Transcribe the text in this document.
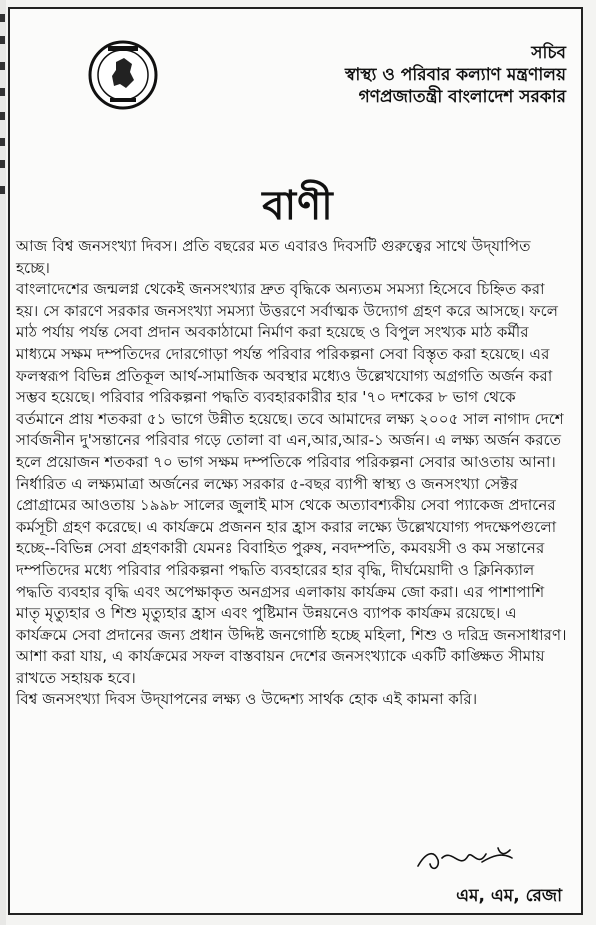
সচিব
স্বাস্থ্য ও পরিবার কল্যাণ মন্ত্রণালয়
গণপ্রজাতন্ত্রী বাংলাদেশ সরকার
বাণী

আজ বিশ্ব জনসংখ্যা দিবস। প্রতি বছরের মত এবারও দিবসটি গুরুত্বের সাথে উদ্‌যাপিত হচ্ছে।

বাংলাদেশের জন্মলগ্ন থেকেই জনসংখ্যার দ্রুত বৃদ্ধিকে অন্যতম সমস্যা হিসেবে চিহ্নিত করা হয়। সে কারণে সরকার জনসংখ্যা সমস্যা উত্তরণে সর্বাত্মক উদ্যোগ গ্রহণ করে আসছে। ফলে মাঠ পর্যায় পর্যন্ত সেবা প্রদান অবকাঠামো নির্মাণ করা হয়েছে ও বিপুল সংখ্যক মাঠ কর্মীর মাধ্যমে সক্ষম দম্পতিদের দোরগোড়া পর্যন্ত পরিবার পরিকল্পনা সেবা বিস্তৃত করা হয়েছে। এর ফলস্বরূপ বিভিন্ন প্রতিকূল আর্থ-সামাজিক অবস্থার মধ্যেও উল্লেখযোগ্য অগ্রগতি অর্জন করা সম্ভব হয়েছে। পরিবার পরিকল্পনা পদ্ধতি ব্যবহারকারীর হার '৭০ দশকের ৮ ভাগ থেকে বর্তমানে প্রায় শতকরা ৫১ ভাগে উন্নীত হয়েছে। তবে আমাদের লক্ষ্য ২০০৫ সাল নাগাদ দেশে সার্বজনীন দু'সন্তানের পরিবার গড়ে তোলা বা এন,আর,আর-১ অর্জন। এ লক্ষ্য অর্জন করতে হলে প্রয়োজন শতকরা ৭০ ভাগ সক্ষম দম্পতিকে পরিবার পরিকল্পনা সেবার আওতায় আনা। নির্ধারিত এ লক্ষ্যমাত্রা অর্জনের লক্ষ্যে সরকার ৫-বছর ব্যাপী স্বাস্থ্য ও জনসংখ্যা সেক্টর প্রোগ্রামের আওতায় ১৯৯৮ সালের জুলাই মাস থেকে অত্যাবশ্যকীয় সেবা প্যাকেজ প্রদানের কর্মসূচী গ্রহণ করেছে। এ কার্যক্রমে প্রজনন হার হ্রাস করার লক্ষ্যে উল্লেখযোগ্য পদক্ষেপগুলো হচ্ছে--বিভিন্ন সেবা গ্রহণকারী যেমনঃ বিবাহিত পুরুষ, নবদম্পতি, কমবয়সী ও কম সন্তানের দম্পতিদের মধ্যে পরিবার পরিকল্পনা পদ্ধতি ব্যবহারের হার বৃদ্ধি, দীর্ঘমেয়াদী ও ক্লিনিক্যাল পদ্ধতি ব্যবহার বৃদ্ধি এবং অপেক্ষাকৃত অনগ্রসর এলাকায় কার্যক্রম জো করা। এর পাশাপাশি মাতৃ মৃত্যুহার ও শিশু মৃত্যুহার হ্রাস এবং পুষ্টিমান উন্নয়নেও ব্যাপক কার্যক্রম রয়েছে। এ কার্যক্রমে সেবা প্রদানের জন্য প্রধান উদ্দিষ্ট জনগোষ্ঠি হচ্ছে মহিলা, শিশু ও দরিদ্র জনসাধারণ। আশা করা যায়, এ কার্যক্রমের সফল বাস্তবায়ন দেশের জনসংখ্যাকে একটি কাঙ্ক্ষিত সীমায় রাখতে সহায়ক হবে।

বিশ্ব জনসংখ্যা দিবস উদ্‌যাপনের লক্ষ্য ও উদ্দেশ্য সার্থক হোক এই কামনা করি।

এম, এম, রেজা
